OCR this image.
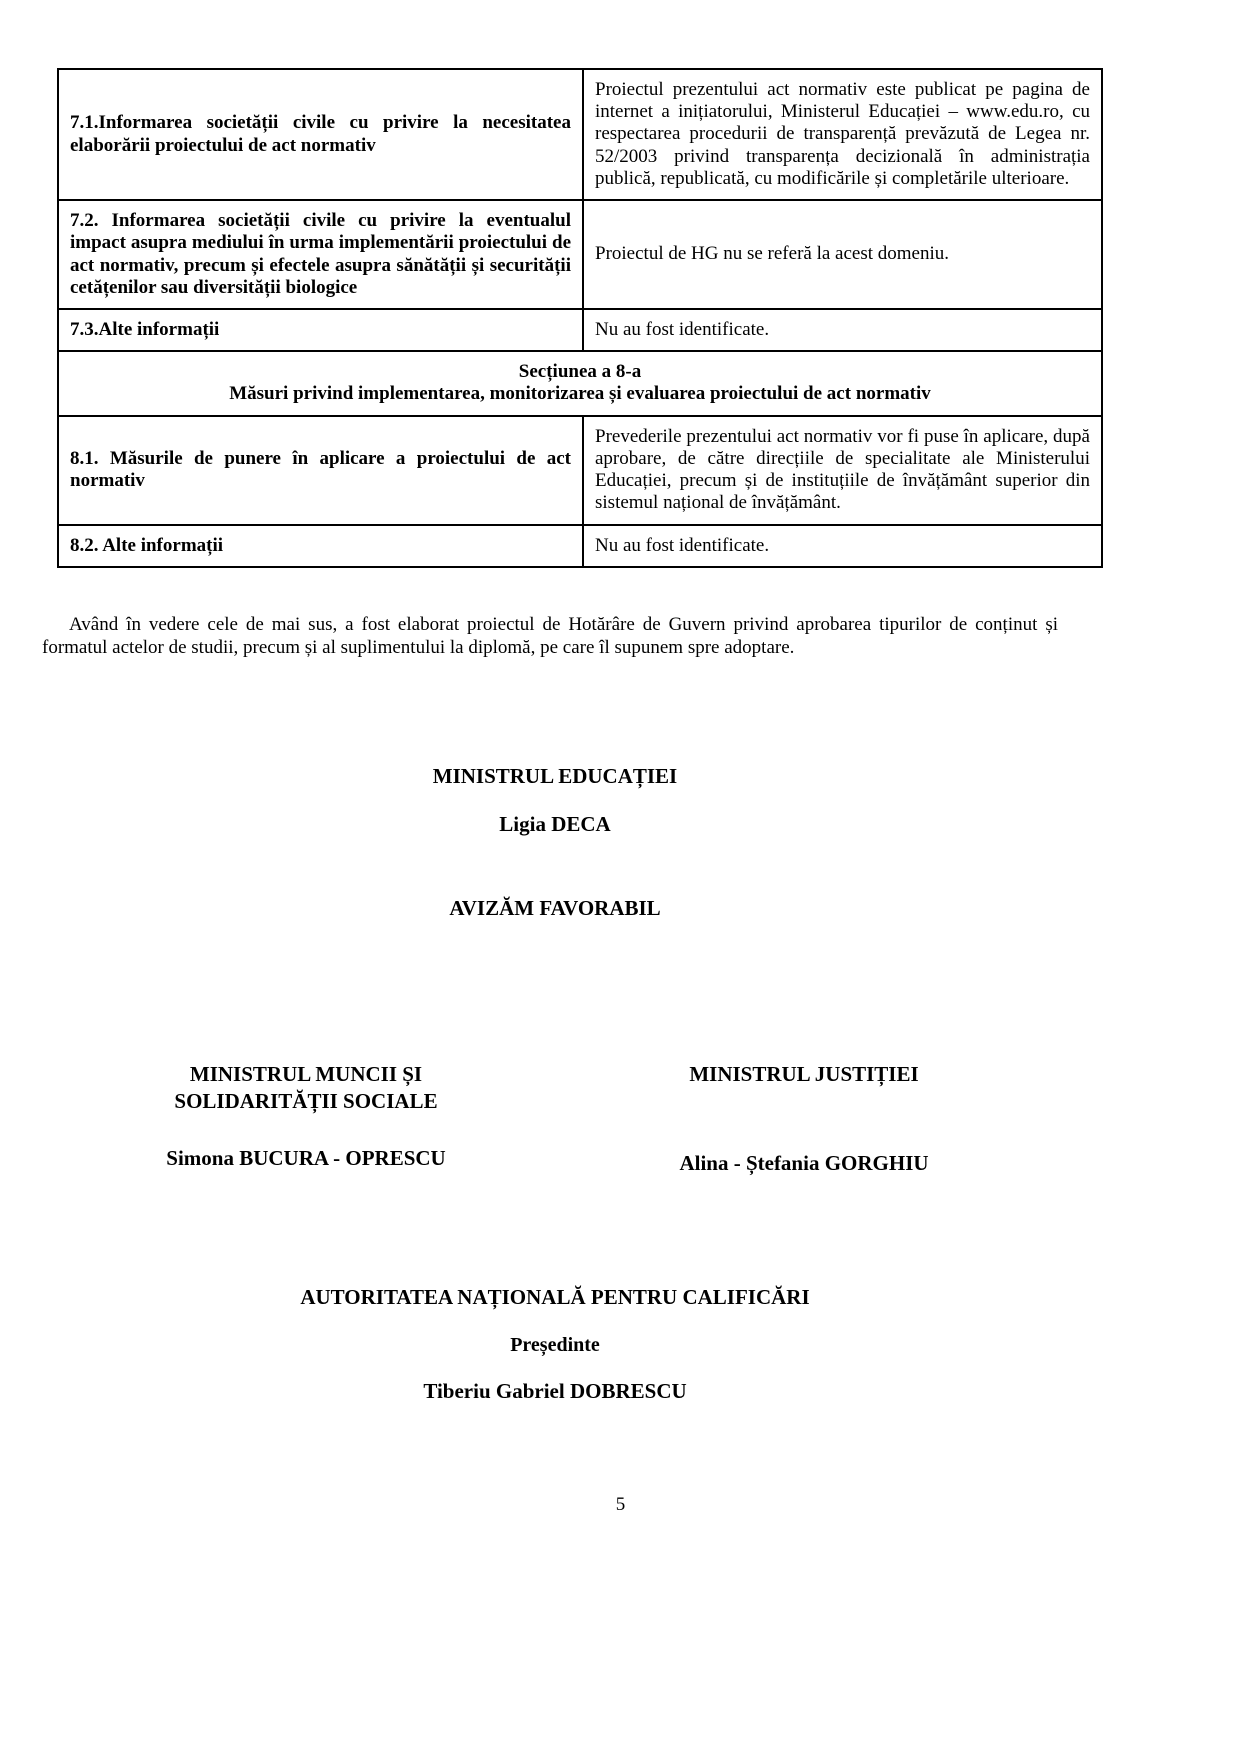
7.1.Informarea societății civile cu privire la necesitatea elaborării proiectului de act normativ	Proiectul prezentului act normativ este publicat pe pagina de internet a inițiatorului, Ministerul Educației – www.edu.ro, cu respectarea procedurii de transparență prevăzută de Legea nr. 52/2003 privind transparența decizională în administrația publică, republicată, cu modificările și completările ulterioare.
7.2. Informarea societății civile cu privire la eventualul impact asupra mediului în urma implementării proiectului de act normativ, precum și efectele asupra sănătății și securității cetățenilor sau diversității biologice	Proiectul de HG nu se referă la acest domeniu.
7.3.Alte informații	Nu au fost identificate.

Secțiunea a 8-a
Măsuri privind implementarea, monitorizarea și evaluarea proiectului de act normativ	

8.1. Măsurile de punere în aplicare a proiectului de act normativ	Prevederile prezentului act normativ vor fi puse în aplicare, după aprobare, de către direcțiile de specialitate ale Ministerului Educației, precum și de instituțiile de învățământ superior din sistemul național de învățământ.
8.2. Alte informații	Nu au fost identificate.

Având în vedere cele de mai sus, a fost elaborat proiectul de Hotărâre de Guvern privind aprobarea tipurilor de conținut și formatul actelor de studii, precum și al suplimentului la diplomă, pe care îl supunem spre adoptare.

MINISTRUL EDUCAȚIEI
Ligia DECA
AVIZĂM FAVORABIL
MINISTRUL MUNCII ȘI SOLIDARITĂȚII SOCIALE
Simona BUCURA - OPRESCU
MINISTRUL JUSTIȚIEI
Alina - Ștefania GORGHIU
AUTORITATEA NAȚIONALĂ PENTRU CALIFICĂRI
Președinte
Tiberiu Gabriel DOBRESCU
5
